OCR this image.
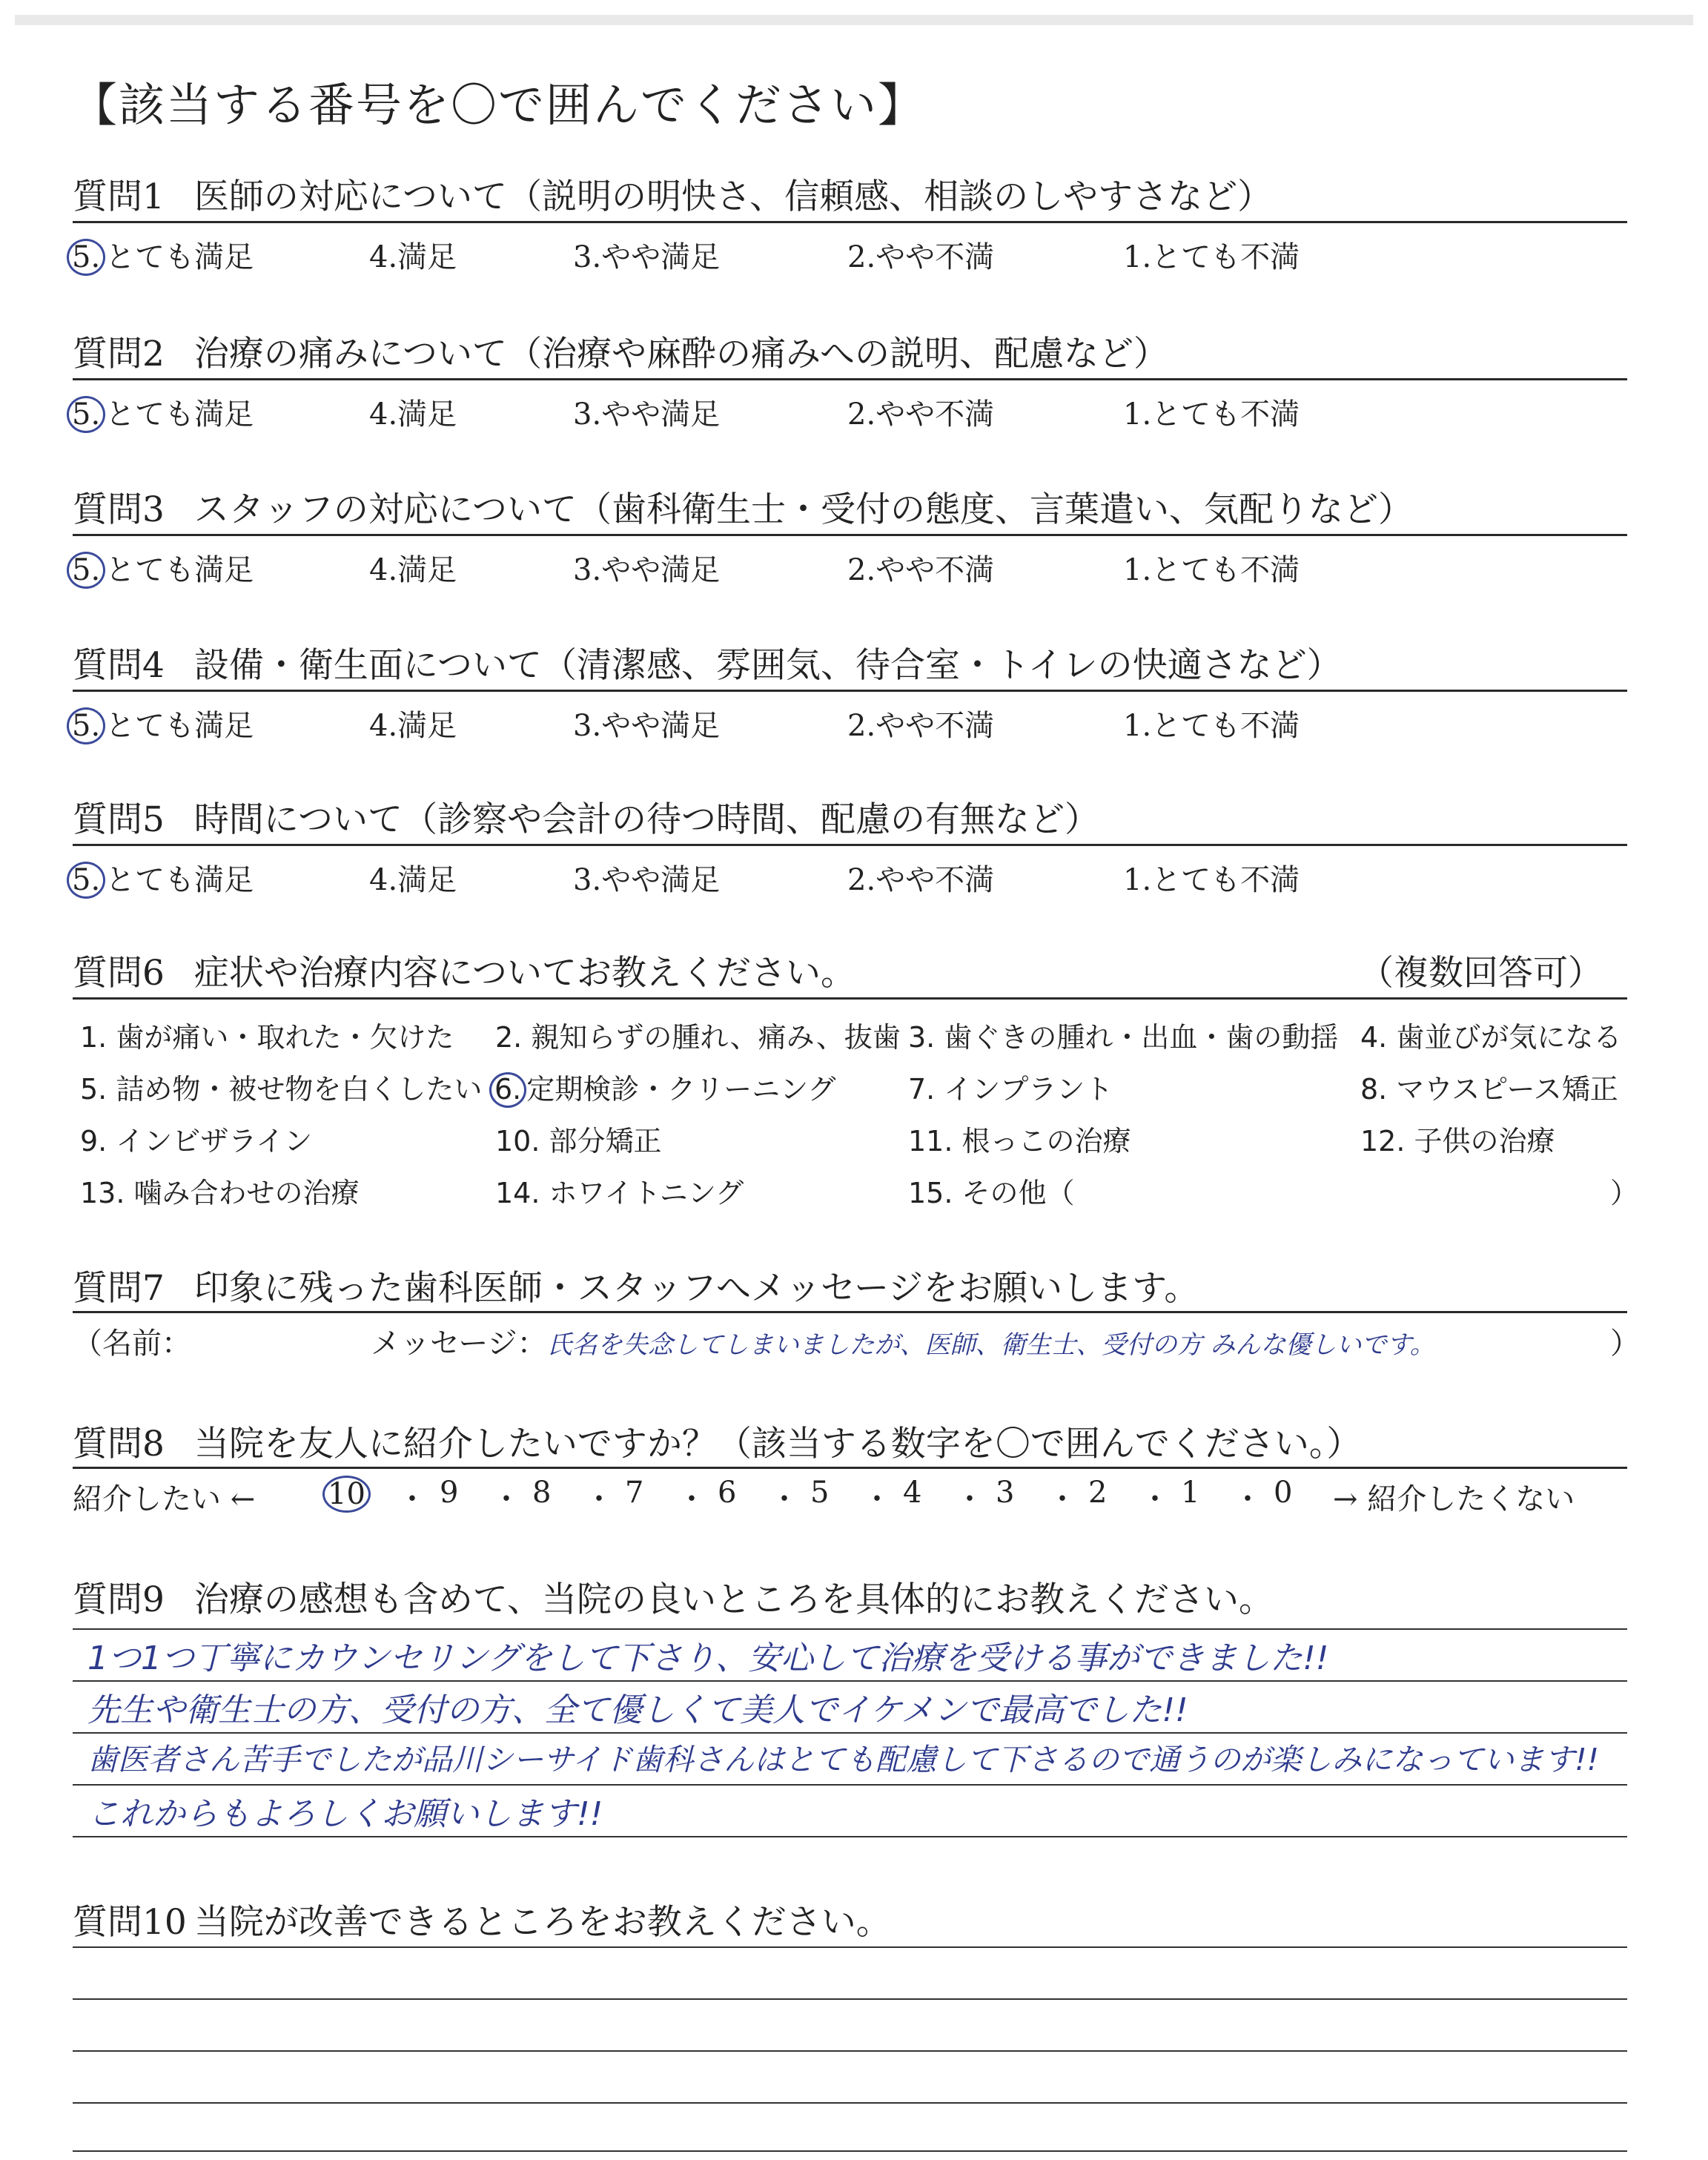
【該当する番号を〇で囲んでください】
質問1 医師の対応について（説明の明快さ、信頼感、相談のしやすさなど）
5. とても満足	4.満足	3.やや満足	2.やや不満	1.とても不満
質問2 治療の痛みについて（治療や麻酔の痛みへの説明、配慮など）
5. とても満足	4.満足	3.やや満足	2.やや不満	1.とても不満
質問3 スタッフの対応について（歯科衛生士・受付の態度、言葉遣い、気配りなど）
5. とても満足	4.満足	3.やや満足	2.やや不満	1.とても不満
質問4 設備・衛生面について（清潔感、雰囲気、待合室・トイレの快適さなど）
5. とても満足	4.満足	3.やや満足	2.やや不満	1.とても不満
質問5 時間について（診察や会計の待つ時間、配慮の有無など）
5. とても満足	4.満足	3.やや満足	2.やや不満	1.とても不満
質問6 症状や治療内容についてお教えください。	（複数回答可）
1. 歯が痛い・取れた・欠けた 2. 親知らずの腫れ、痛み、抜歯 3. 歯ぐきの腫れ・出血・歯の動揺 4. 歯並びが気になる
5. 詰め物・被せ物を白くしたい 6. 定期検診・クリーニング	7. インプラント	8. マウスピース矯正
9. インビザライン	10. 部分矯正	11. 根っこの治療	12. 子供の治療
13. 噛み合わせの治療	14. ホワイトニング	15. その他（	）
質問7 印象に残った歯科医師・スタッフへメッセージをお願いします。
（名前：	メッセージ：氏名を失念してしまいましたが、医師、衛生士、受付の方 みんな優しいです。	）
質問8 当院を友人に紹介したいですか？（該当する数字を〇で囲んでください。）
紹介したい ← 10 ・ 9 ・ 8 ・ 7 ・ 6 ・ 5 ・ 4 ・ 3 ・ 2 ・ 1 ・ 0 → 紹介したくない
質問9 治療の感想も含めて、当院の良いところを具体的にお教えください。
1つ1つ丁寧にカウンセリングをして下さり、安心して治療を受ける事ができました!!
先生や衛生士の方、受付の方、全て優しくて美人でイケメンで最高でした!!
歯医者さん苦手でしたが品川シーサイド歯科さんはとても配慮して下さるので通うのが楽しみになっています!!
これからもよろしくお願いします!!
質問10 当院が改善できるところをお教えください。
